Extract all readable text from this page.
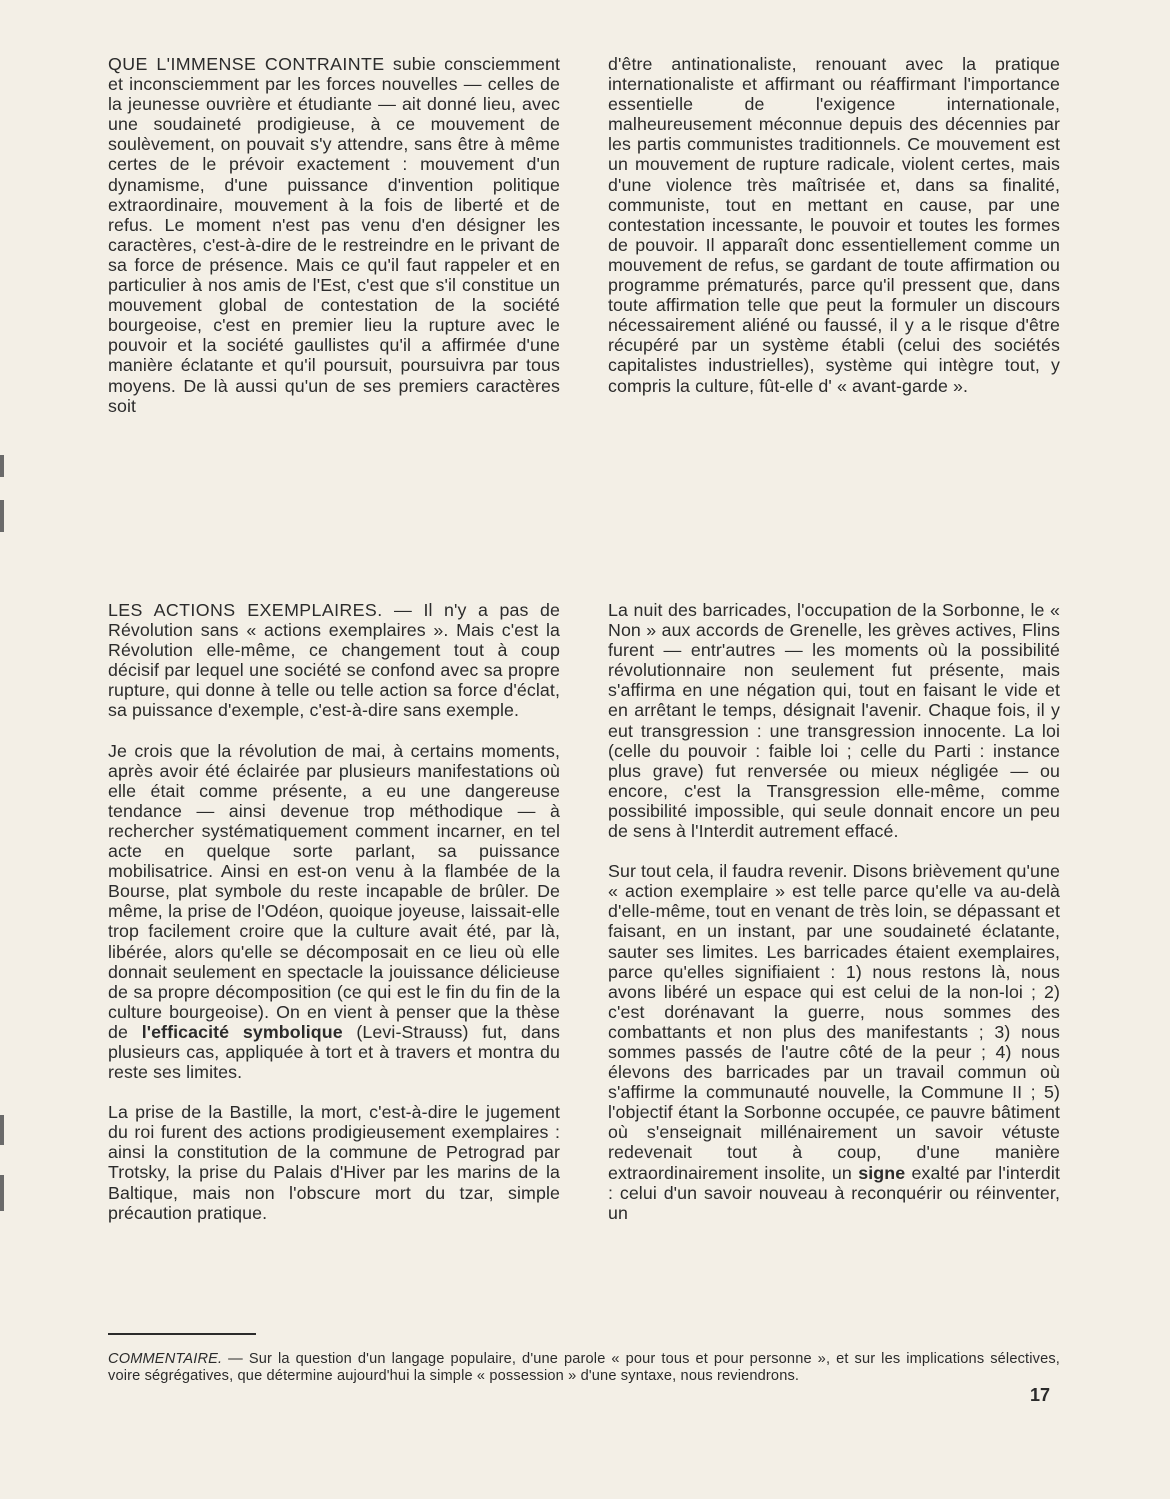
QUE L'IMMENSE CONTRAINTE subie consciemment et inconsciemment par les forces nouvelles — celles de la jeunesse ouvrière et étudiante — ait donné lieu, avec une soudaineté prodigieuse, à ce mouvement de soulèvement, on pouvait s'y attendre, sans être à même certes de le prévoir exactement : mouvement d'un dynamisme, d'une puissance d'invention politique extraordinaire, mouvement à la fois de liberté et de refus. Le moment n'est pas venu d'en désigner les caractères, c'est-à-dire de le restreindre en le privant de sa force de présence. Mais ce qu'il faut rappeler et en particulier à nos amis de l'Est, c'est que s'il constitue un mouvement global de contestation de la société bourgeoise, c'est en premier lieu la rupture avec le pouvoir et la société gaullistes qu'il a affirmée d'une manière éclatante et qu'il poursuit, poursuivra par tous moyens. De là aussi qu'un de ses premiers caractères soit

d'être antinationaliste, renouant avec la pratique internationaliste et affirmant ou réaffirmant l'importance essentielle de l'exigence internationale, malheureusement méconnue depuis des décennies par les partis communistes traditionnels. Ce mouvement est un mouvement de rupture radicale, violent certes, mais d'une violence très maîtrisée et, dans sa finalité, communiste, tout en mettant en cause, par une contestation incessante, le pouvoir et toutes les formes de pouvoir. Il apparaît donc essentiellement comme un mouvement de refus, se gardant de toute affirmation ou programme prématurés, parce qu'il pressent que, dans toute affirmation telle que peut la formuler un discours nécessairement aliéné ou faussé, il y a le risque d'être récupéré par un système établi (celui des sociétés capitalistes industrielles), système qui intègre tout, y compris la culture, fût-elle d' « avant-garde ».

LES ACTIONS EXEMPLAIRES. — Il n'y a pas de Révolution sans « actions exemplaires ». Mais c'est la Révolution elle-même, ce changement tout à coup décisif par lequel une société se confond avec sa propre rupture, qui donne à telle ou telle action sa force d'éclat, sa puissance d'exemple, c'est-à-dire sans exemple.

Je crois que la révolution de mai, à certains moments, après avoir été éclairée par plusieurs manifestations où elle était comme présente, a eu une dangereuse tendance — ainsi devenue trop méthodique — à rechercher systématiquement comment incarner, en tel acte en quelque sorte parlant, sa puissance mobilisatrice. Ainsi en est-on venu à la flambée de la Bourse, plat symbole du reste incapable de brûler. De même, la prise de l'Odéon, quoique joyeuse, laissait-elle trop facilement croire que la culture avait été, par là, libérée, alors qu'elle se décomposait en ce lieu où elle donnait seulement en spectacle la jouissance délicieuse de sa propre décomposition (ce qui est le fin du fin de la culture bourgeoise). On en vient à penser que la thèse de l'efficacité symbolique (Levi-Strauss) fut, dans plusieurs cas, appliquée à tort et à travers et montra du reste ses limites.

La prise de la Bastille, la mort, c'est-à-dire le jugement du roi furent des actions prodigieusement exemplaires : ainsi la constitution de la commune de Petrograd par Trotsky, la prise du Palais d'Hiver par les marins de la Baltique, mais non l'obscure mort du tzar, simple précaution pratique.

La nuit des barricades, l'occupation de la Sorbonne, le « Non » aux accords de Grenelle, les grèves actives, Flins furent — entr'autres — les moments où la possibilité révolutionnaire non seulement fut présente, mais s'affirma en une négation qui, tout en faisant le vide et en arrêtant le temps, désignait l'avenir. Chaque fois, il y eut transgression : une transgression innocente. La loi (celle du pouvoir : faible loi ; celle du Parti : instance plus grave) fut renversée ou mieux négligée — ou encore, c'est la Transgression elle-même, comme possibilité impossible, qui seule donnait encore un peu de sens à l'Interdit autrement effacé.

Sur tout cela, il faudra revenir. Disons brièvement qu'une « action exemplaire » est telle parce qu'elle va au-delà d'elle-même, tout en venant de très loin, se dépassant et faisant, en un instant, par une soudaineté éclatante, sauter ses limites. Les barricades étaient exemplaires, parce qu'elles signifiaient : 1) nous restons là, nous avons libéré un espace qui est celui de la non-loi ; 2) c'est dorénavant la guerre, nous sommes des combattants et non plus des manifestants ; 3) nous sommes passés de l'autre côté de la peur ; 4) nous élevons des barricades par un travail commun où s'affirme la communauté nouvelle, la Commune II ; 5) l'objectif étant la Sorbonne occupée, ce pauvre bâtiment où s'enseignait millénairement un savoir vétuste redevenait tout à coup, d'une manière extraordinairement insolite, un signe exalté par l'interdit : celui d'un savoir nouveau à reconquérir ou réinventer, un

COMMENTAIRE. — Sur la question d'un langage populaire, d'une parole « pour tous et pour personne », et sur les implications sélectives, voire ségrégatives, que détermine aujourd'hui la simple « possession » d'une syntaxe, nous reviendrons.
17
